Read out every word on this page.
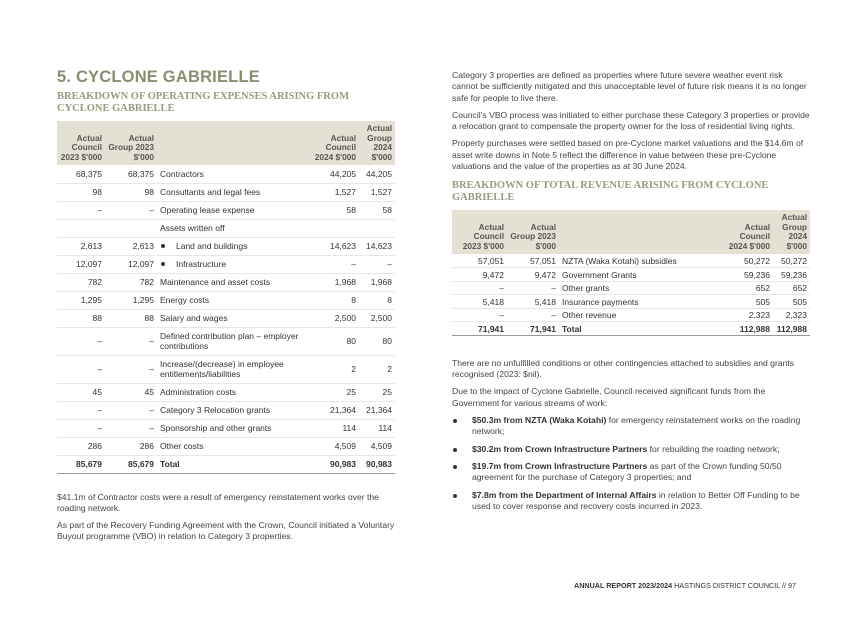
5. CYCLONE GABRIELLE
BREAKDOWN OF OPERATING EXPENSES ARISING FROM CYCLONE GABRIELLE
Actual Council 2023 $'000	Actual Group 2023 $'000		Actual Council 2024 $'000	Actual Group 2024 $'000
68,375	68,375	Contractors	44,205	44,205
98	98	Consultants and legal fees	1,527	1,527
–	–	Operating lease expense	58	58
		Assets written off		
2,613	2,613	Land and buildings	14,623	14,623
12,097	12,097	Infrastructure	–	–
782	782	Maintenance and asset costs	1,968	1,968
1,295	1,295	Energy costs	8	8
88	88	Salary and wages	2,500	2,500
–	–	Defined contribution plan – employer contributions	80	80
–	–	Increase/(decrease) in employee entitlements/liabilities	2	2
45	45	Administration costs	25	25
–	–	Category 3 Relocation grants	21,364	21,364
–	–	Sponsorship and other grants	114	114
286	286	Other costs	4,509	4,509
85,679	85,679	Total	90,983	90,983

$41.1m of Contractor costs were a result of emergency reinstatement works over the roading network.

As part of the Recovery Funding Agreement with the Crown, Council initiated a Voluntary Buyout programme (VBO) in relation to Category 3 properties.

Category 3 properties are defined as properties where future severe weather event risk cannot be sufficiently mitigated and this unacceptable level of future risk means it is no longer safe for people to live there.

Council’s VBO process was initiated to either purchase these Category 3 properties or provide a relocation grant to compensate the property owner for the loss of residential living rights.

Property purchases were settled based on pre-Cyclone market valuations and the $14.6m of asset write downs in Note 5 reflect the difference in value between these pre-Cyclone valuations and the value of the properties as at 30 June 2024.

BREAKDOWN OF TOTAL REVENUE ARISING FROM CYCLONE GABRIELLE
Actual Council 2023 $'000	Actual Group 2023 $'000		Actual Council 2024 $'000	Actual Group 2024 $'000
57,051	57,051	NZTA (Waka Kotahi) subsidies	50,272	50,272
9,472	9,472	Government Grants	59,236	59,236
–	–	Other grants	652	652
5,418	5,418	Insurance payments	505	505
–	–	Other revenue	2,323	2,323
71,941	71,941	Total	112,988	112,988

There are no unfulfilled conditions or other contingencies attached to subsidies and grants recognised (2023: $nil).

Due to the impact of Cyclone Gabrielle, Council received significant funds from the Government for various streams of work:

$50.3m from NZTA (Waka Kotahi) for emergency reinstatement works on the roading network;
$30.2m from Crown Infrastructure Partners for rebuilding the roading network;
$19.7m from Crown Infrastructure Partners as part of the Crown funding 50/50 agreement for the purchase of Category 3 properties; and
$7.8m from the Department of Internal Affairs in relation to Better Off Funding to be used to cover response and recovery costs incurred in 2023.
ANNUAL REPORT 2023/2024 HASTINGS DISTRICT COUNCIL // 97
